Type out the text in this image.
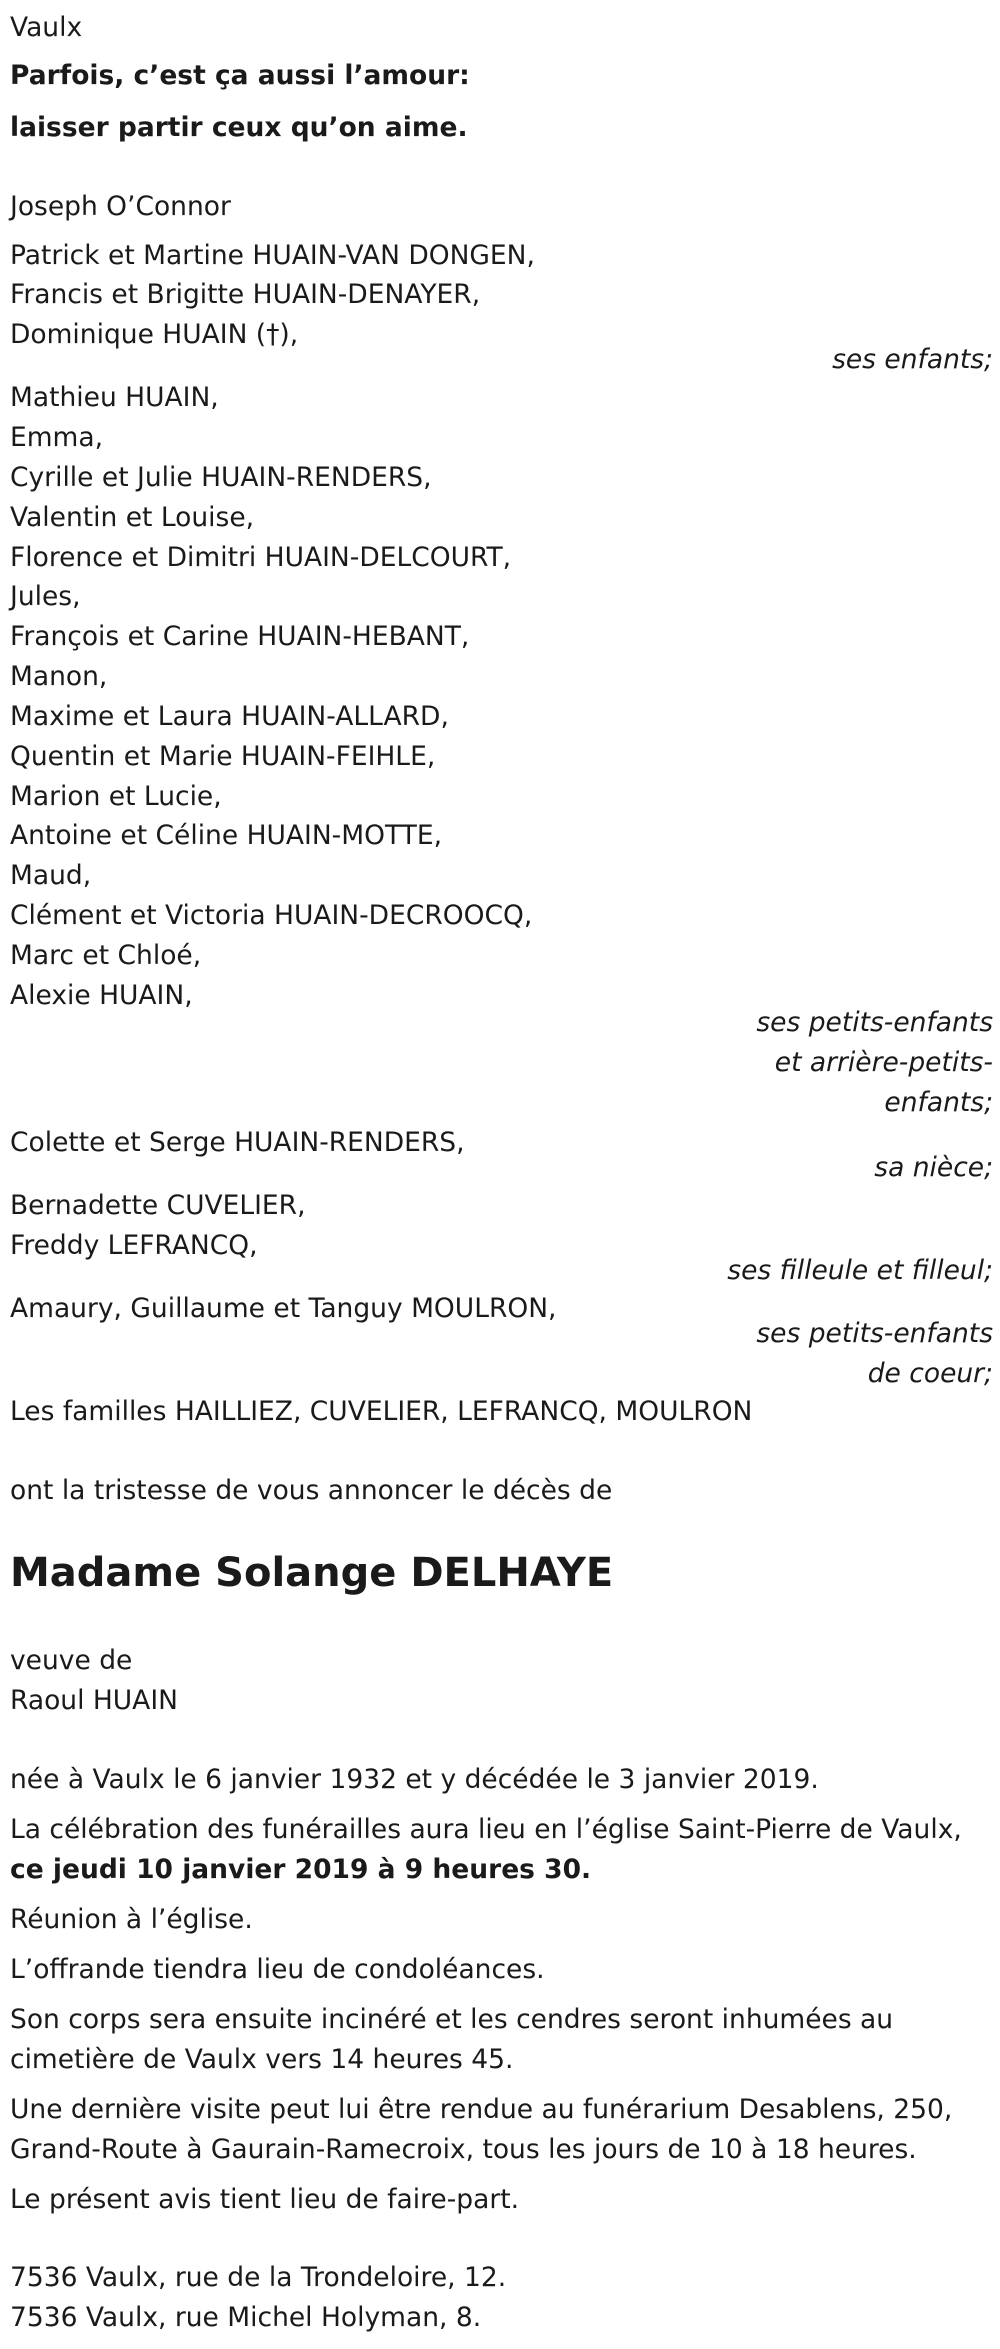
Vaulx
Parfois, c’est ça aussi l’amour:
laisser partir ceux qu’on aime.
Joseph O’Connor
Patrick et Martine HUAIN-VAN DONGEN,
Francis et Brigitte HUAIN-DENAYER,
Dominique HUAIN (†),
ses enfants;
Mathieu HUAIN,
Emma,
Cyrille et Julie HUAIN-RENDERS,
Valentin et Louise,
Florence et Dimitri HUAIN-DELCOURT,
Jules,
François et Carine HUAIN-HEBANT,
Manon,
Maxime et Laura HUAIN-ALLARD,
Quentin et Marie HUAIN-FEIHLE,
Marion et Lucie,
Antoine et Céline HUAIN-MOTTE,
Maud,
Clément et Victoria HUAIN-DECROOCQ,
Marc et Chloé,
Alexie HUAIN,
ses petits-enfants
et arrière-petits-
enfants;
Colette et Serge HUAIN-RENDERS,
sa nièce;
Bernadette CUVELIER,
Freddy LEFRANCQ,
ses filleule et filleul;
Amaury, Guillaume et Tanguy MOULRON,
ses petits-enfants
de coeur;
Les familles HAILLIEZ, CUVELIER, LEFRANCQ, MOULRON
ont la tristesse de vous annoncer le décès de
Madame Solange DELHAYE
veuve de
Raoul HUAIN
née à Vaulx le 6 janvier 1932 et y décédée le 3 janvier 2019.
La célébration des funérailles aura lieu en l’église Saint-Pierre de Vaulx,
ce jeudi 10 janvier 2019 à 9 heures 30.
Réunion à l’église.
L’offrande tiendra lieu de condoléances.
Son corps sera ensuite incinéré et les cendres seront inhumées au
cimetière de Vaulx vers 14 heures 45.
Une dernière visite peut lui être rendue au funérarium Desablens, 250,
Grand-Route à Gaurain-Ramecroix, tous les jours de 10 à 18 heures.
Le présent avis tient lieu de faire-part.
7536 Vaulx, rue de la Trondeloire, 12.
7536 Vaulx, rue Michel Holyman, 8.
